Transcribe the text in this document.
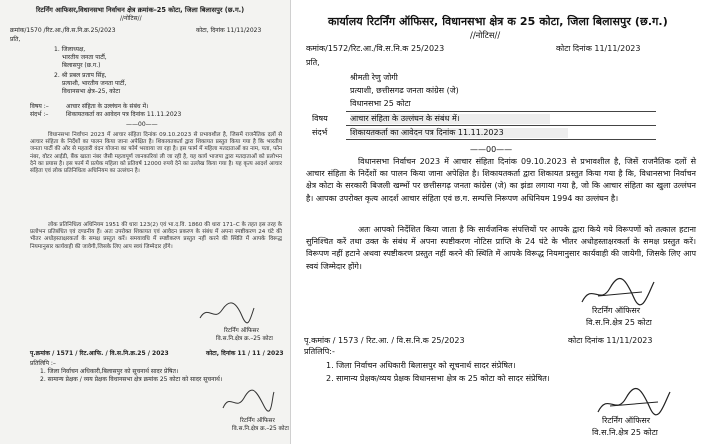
रिटर्निंग आफिसर,विधानसभा निर्वाचन क्षेत्र क्रमांक–25 कोटा, जिला बिलासपुर (छ.ग.)
//नोटिस//
क्रमांक/1570 /रिट.आ./वि.स.नि.क्र.25/2023	कोटा, दिनांक 11/11/2023
प्रति,
1. जिलाध्यक्ष,
भारतीय जनता पार्टी,
बिलासपुर (छ.ग.)
2. श्री प्रबल प्रताप सिंह,
प्रत्याशी, भारतीय जनता पार्टी,
विधानसभा क्षेत्र–25, कोटा
विषय :–	आचार संहिता के उल्लंघन के संबंध में।
संदर्भ :–	शिकायतकर्ता का आवेदन पत्र दिनांक 11.11.2023
——00——
विधानसभा निर्वाचन 2023 में आचार संहिता दिनांक 09.10.2023 से प्रभावशील है, जिसमें राजनैतिक दलों से आचार संहिता के निर्देशों का पालन किया जाना अपेक्षित है। शिकायतकर्ता द्वारा शिकायत प्रस्तुत किया गया है कि भारतीय जनता पार्टी की ओर से महतारी वंदन योजना का फॉर्म भरवाया जा रहा है। इस फार्म में महिला मतदाताओं का नाम, पता, फोन नंबर, वोटर आईडी, बैंक खाता नंबर जैसी महत्वपूर्ण जानकारियां ली जा रही है, यह कार्य भाजपा द्वारा मतदाताओं को प्रलोभन देने का प्रयास है। इस फार्म में प्रत्येक महिला को प्रतिवर्ष 12000 रुपये देने का उल्लेख किया गया है। यह कृत्य आदर्श आचार संहिता एवं लोक प्रतिनिधित्व अधिनियम का उल्लंघन है।
लोक प्रतिनिधित्व अधिनियम 1951 की धारा 123(2) एवं भा.द.वि. 1860 की धारा 171–C के तहत इस तरह के प्रलोभन प्रतिबंधित एवं दण्डनीय हैं। अतः उपरोक्त शिकायत एवं आवेदन प्रकरण के संबंध में अपना स्पष्टीकरण 24 घंटे की भीतर अधोहस्ताक्षरकर्ता के समक्ष प्रस्तुत करें। समयावधि में स्पष्टीकरण प्रस्तुत नहीं करने की स्थिति में आपके विरूद्ध नियमानुसार कार्यवाही की जावेगी,जिसके लिए आप स्वयं जिम्मेदार होंगे।
रिटर्निंग ऑफिसर
वि.स.नि.क्षेत्र क्र.–25 कोटा
पृ.क्रमांक / 1571 / रिट.आफि. / वि.स.नि.क्र.25 / 2023	कोटा, दिनांक 11 / 11 / 2023
प्रतिलिपि :–
1. जिला निर्वाचन अधिकारी,बिलासपुर को सूचनार्थ सादर प्रेषित।
2. सामान्य प्रेक्षक / व्यय प्रेक्षक विधानसभा क्षेत्र क्रमांक 25 कोटा को सादर सूचनार्थ।
रिटर्निंग ऑफिसर
वि.स.नि.क्षेत्र क्र.–25 कोटा
कार्यालय रिटर्निंग ऑफिसर, विधानसभा क्षेत्र क 25 कोटा, जिला बिलासपुर (छ.ग.)
//नोटिस//
कमांक/1572/रिट.आ./वि.स.नि.क 25/2023	कोटा दिनांक 11/11/2023
प्रति,
श्रीमती रेणु जोगी
प्रत्याशी, छत्तीसगढ जनता कांग्रेस (जे)
विधानसभा 25 कोटा
विषय	आचार संहिता के उल्लंघन के संबंध में।
संदर्भ	शिकायतकर्ता का आवेदन पत्र दिनांक 11.11.2023
——00——
विधानसभा निर्वाचन 2023 में आचार संहिता दिनांक 09.10.2023 से प्रभावशील है, जिसें राजनैतिक दलों से आचार संहिता के निर्देशों का पालन किया जाना अपेक्षित है। शिकायतकर्ता द्वारा शिकायत प्रस्तुत किया गया है कि, विधानसभा निर्वाचन क्षेत्र कोटा के सरकारी बिजली खम्भों पर छत्तीसगढ़ जनता कांग्रेस (जे) का झंडा लगाया गया है, जो कि आचार संहिता का खुला उल्लंघन है। आपका उपरोक्त कृत्य आदर्श आचार संहिता एवं छ.ग. सम्पत्ति निरूपण अधिनियम 1994 का उल्लंघन है।
अतः आपको निर्देशित किया जाता है कि सार्वजनिक संपत्तियों पर आपके द्वारा किये गये विरूपणों को तत्काल हटाना सुनिश्चित करें तथा उक्त के संबंध में अपना स्पष्टीकरण नोटिस प्राप्ति के 24 घंटे के भीतर अधोहस्ताक्षरकर्ता के समक्ष प्रस्तुत करें। विरूपण नहीं हटाने अथवा स्पष्टीकरण प्रस्तुत नहीं करने की स्थिति में आपके विरूद्ध नियमानुसार कार्यवाही की जायेगी, जिसके लिए आप स्वयं जिम्मेदार होंगे।
रिटर्निंग ऑफिसर
वि.स.नि.क्षेत्र 25 कोटा
पृ.कमांक / 1573 / रिट.आ. / वि.स.नि.क 25/2023	कोटा दिनांक 11/11/2023
प्रतिलिपि:-
1. जिला निर्वाचन अधिकारी बिलासपुर को सूचनार्थ सादर संप्रेषित।
2. सामान्य प्रेक्षक/व्यय प्रेक्षक विधानसभा क्षेत्र क 25 कोटा को सादर संप्रेषित।
रिटर्निंग ऑफिसर
वि.स.नि.क्षेत्र 25 कोटा
